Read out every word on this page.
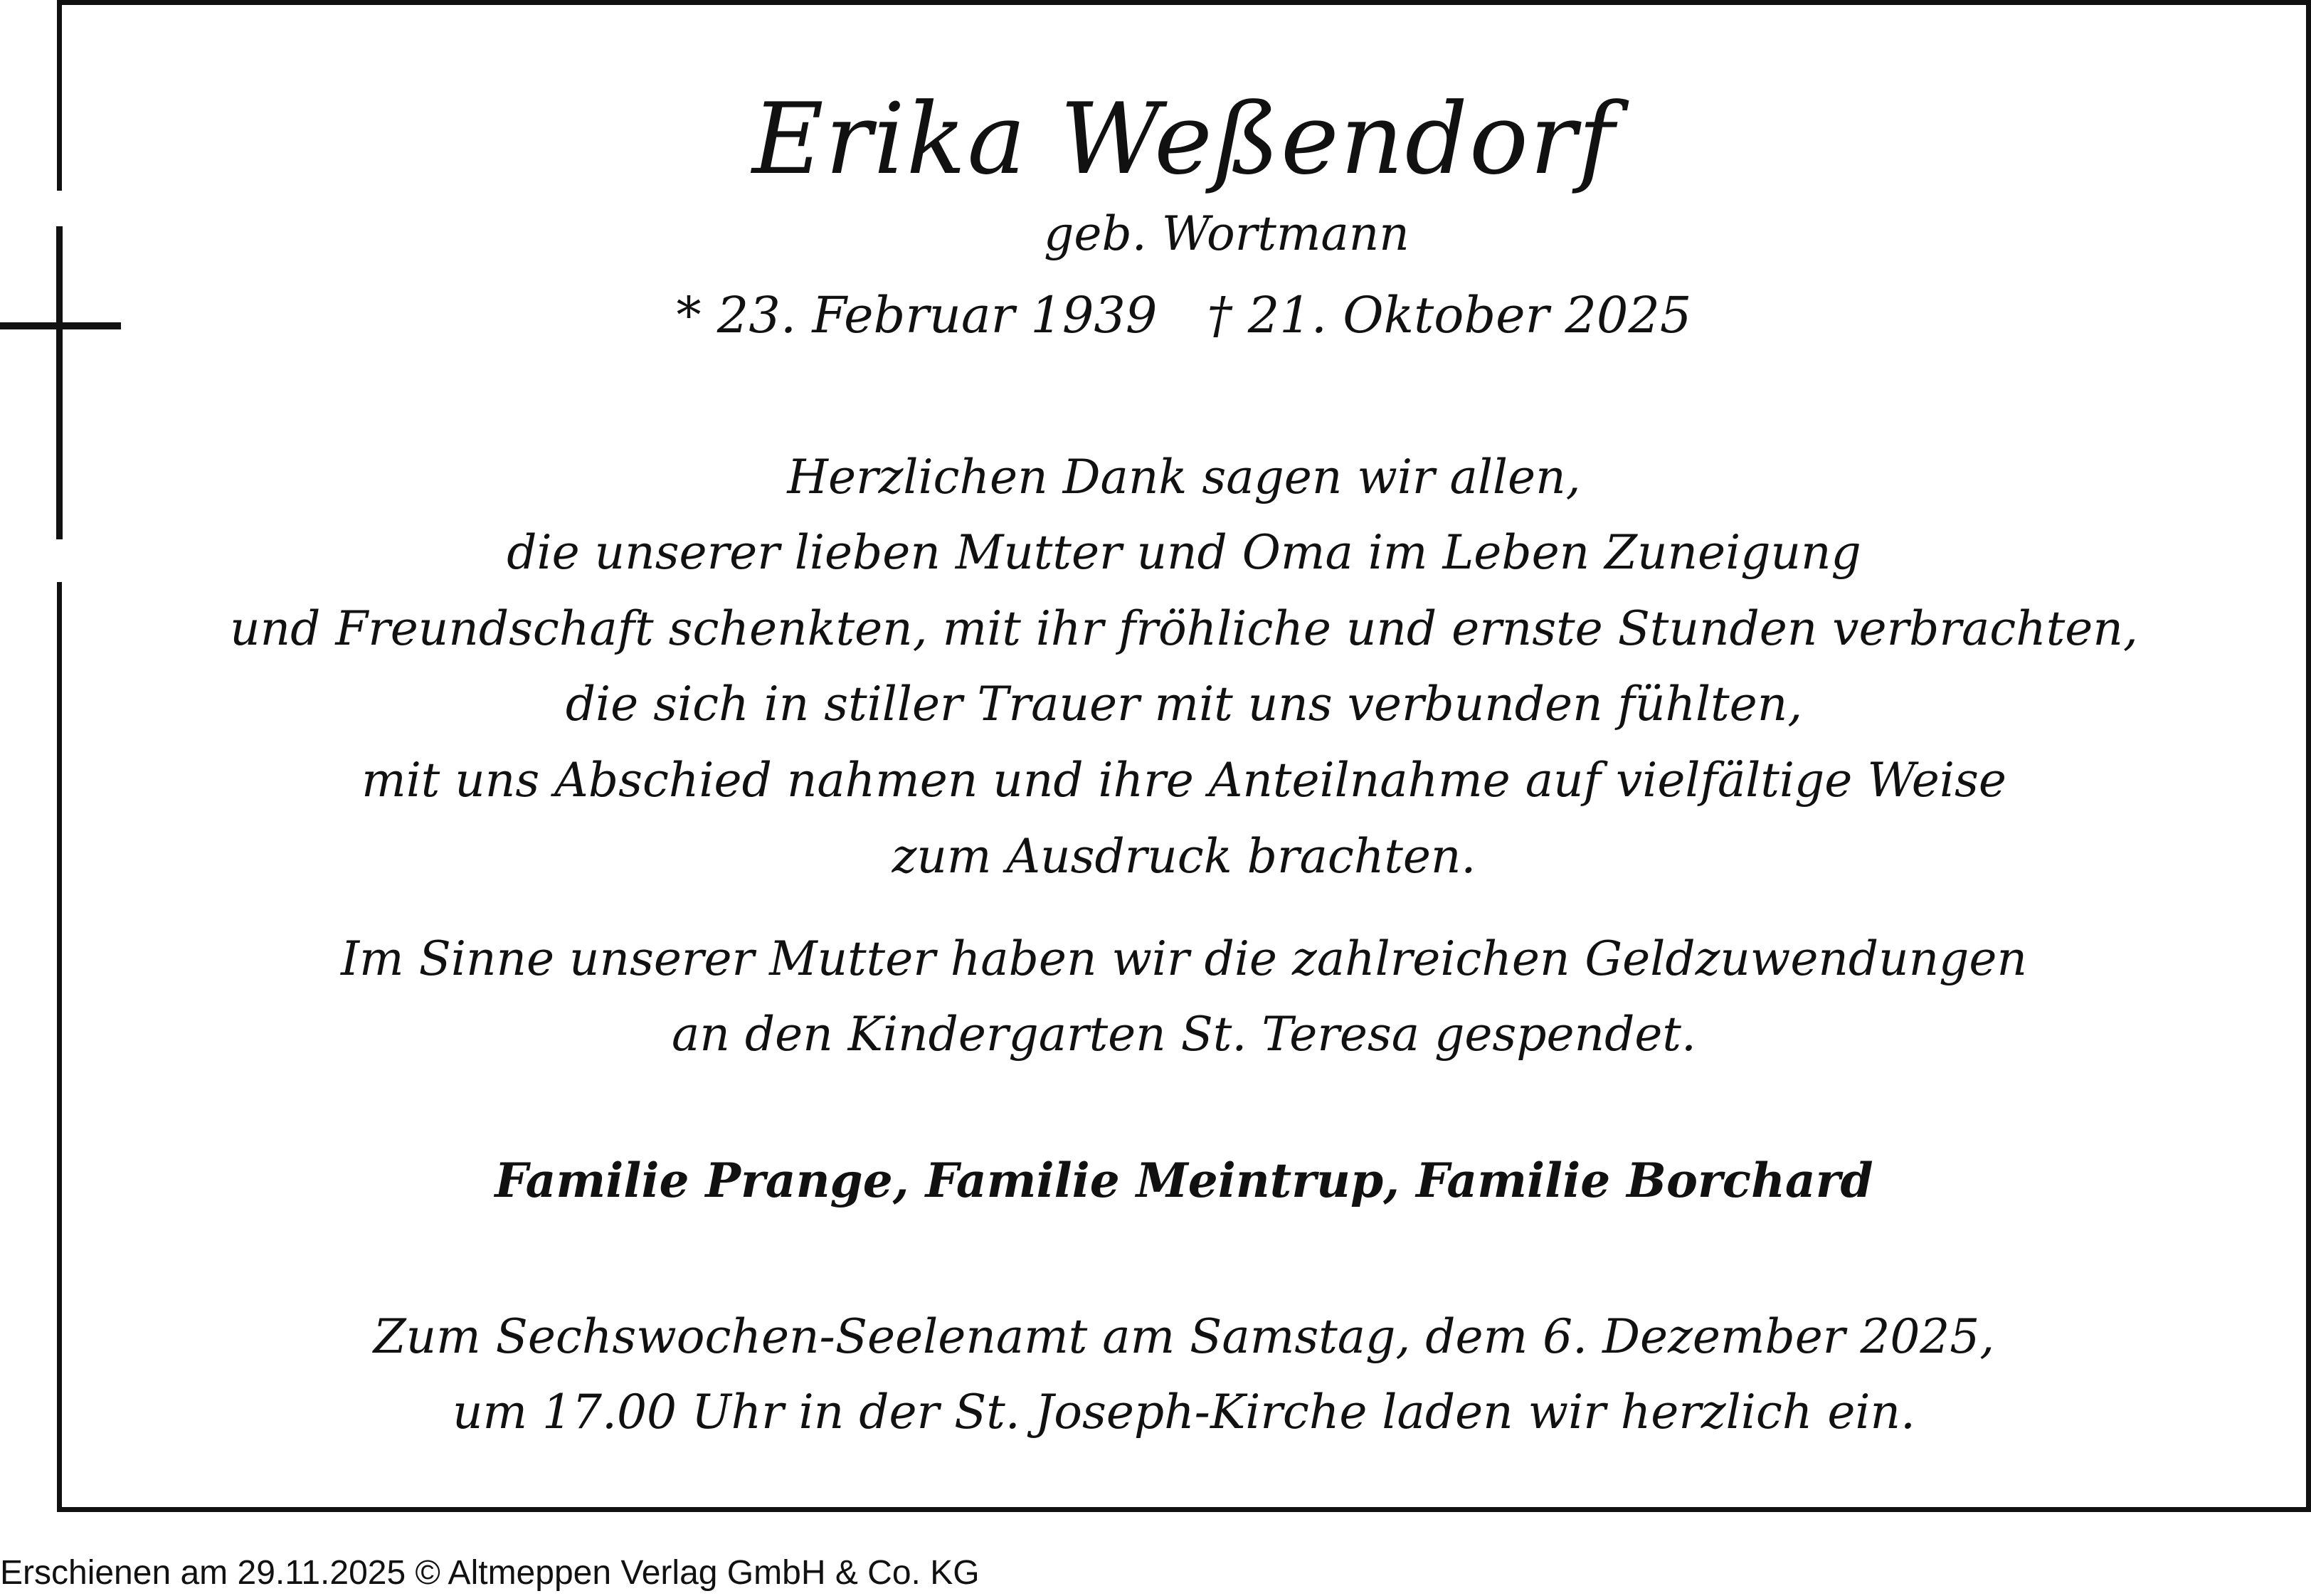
Erika Weßendorf
geb. Wortmann
* 23. Februar 1939 † 21. Oktober 2025
Herzlichen Dank sagen wir allen,
die unserer lieben Mutter und Oma im Leben Zuneigung
und Freundschaft schenkten, mit ihr fröhliche und ernste Stunden verbrachten,
die sich in stiller Trauer mit uns verbunden fühlten,
mit uns Abschied nahmen und ihre Anteilnahme auf vielfältige Weise
zum Ausdruck brachten.
Im Sinne unserer Mutter haben wir die zahlreichen Geldzuwendungen
an den Kindergarten St. Teresa gespendet.
Familie Prange, Familie Meintrup, Familie Borchard
Zum Sechswochen-Seelenamt am Samstag, dem 6. Dezember 2025,
um 17.00 Uhr in der St. Joseph-Kirche laden wir herzlich ein.
Erschienen am 29.11.2025 © Altmeppen Verlag GmbH & Co. KG
